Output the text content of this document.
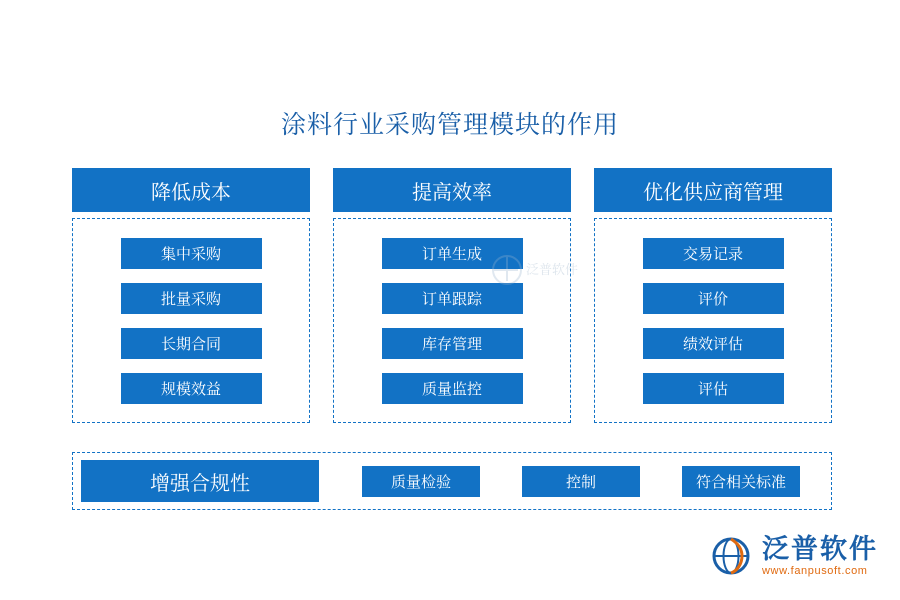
涂料行业采购管理模块的作用
降低成本
集中采购
批量采购
长期合同
规模效益
提高效率
订单生成
订单跟踪
库存管理
质量监控
优化供应商管理
交易记录
评价
绩效评估
评估
增强合规性	质量检验	控制	符合相关标准
泛普软件
泛普软件
www.fanpusoft.com
